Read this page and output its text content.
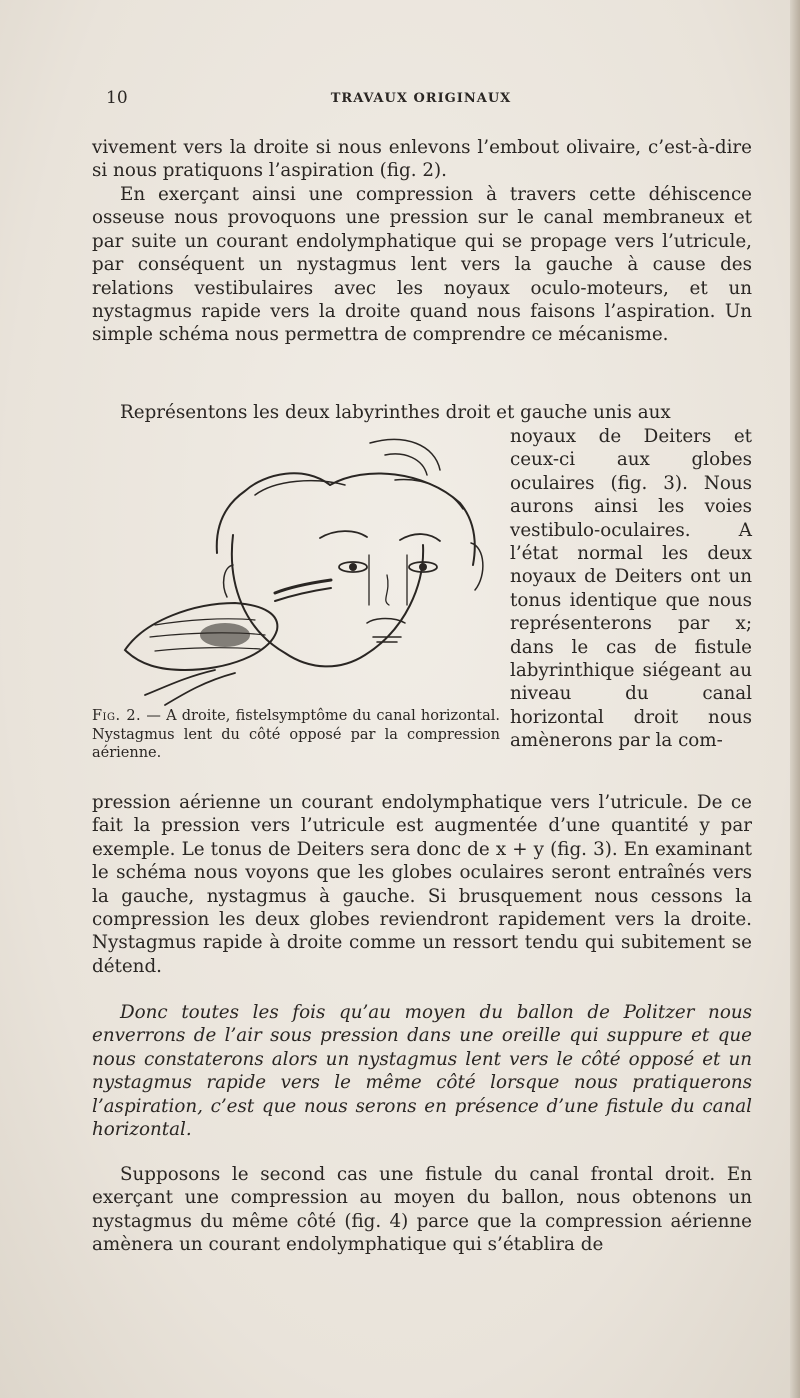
10	TRAVAUX ORIGINAUX

vivement vers la droite si nous enlevons l’embout olivaire, c’est-à-dire si nous pratiquons l’aspiration (fig. 2).

En exerçant ainsi une compression à travers cette déhiscence osseuse nous provoquons une pression sur le canal membraneux et par suite un courant endolymphatique qui se propage vers l’utricule, par conséquent un nystagmus lent vers la gauche à cause des relations vestibulaires avec les noyaux oculo-moteurs, et un nystagmus rapide vers la droite quand nous faisons l’aspiration. Un simple schéma nous permettra de comprendre ce mécanisme.

Représentons les deux labyrinthes droit et gauche unis aux

noyaux de Deiters et ceux-ci aux globes oculaires (fig. 3). Nous aurons ainsi les voies vestibulo-oculaires. A l’état normal les deux noyaux de Deiters ont un tonus identique que nous représenterons par x; dans le cas de fistule labyrinthique siégeant au niveau du canal horizontal droit nous amènerons par la com-

Fig. 2. — A droite, fistelsymptôme du canal horizontal. Nystagmus lent du côté opposé par la compression aérienne.

pression aérienne un courant endolymphatique vers l’utricule. De ce fait la pression vers l’utricule est augmentée d’une quantité y par exemple. Le tonus de Deiters sera donc de x + y (fig. 3). En examinant le schéma nous voyons que les globes oculaires seront entraînés vers la gauche, nystagmus à gauche. Si brusquement nous cessons la compression les deux globes reviendront rapidement vers la droite. Nystagmus rapide à droite comme un ressort tendu qui subitement se détend.

Donc toutes les fois qu’au moyen du ballon de Politzer nous enverrons de l’air sous pression dans une oreille qui suppure et que nous constaterons alors un nystagmus lent vers le côté opposé et un nystagmus rapide vers le même côté lorsque nous pratiquerons l’aspiration, c’est que nous serons en présence d’une fistule du canal horizontal.

Supposons le second cas une fistule du canal frontal droit. En exerçant une compression au moyen du ballon, nous obtenons un nystagmus du même côté (fig. 4) parce que la compression aérienne amènera un courant endolymphatique qui s’établira de
